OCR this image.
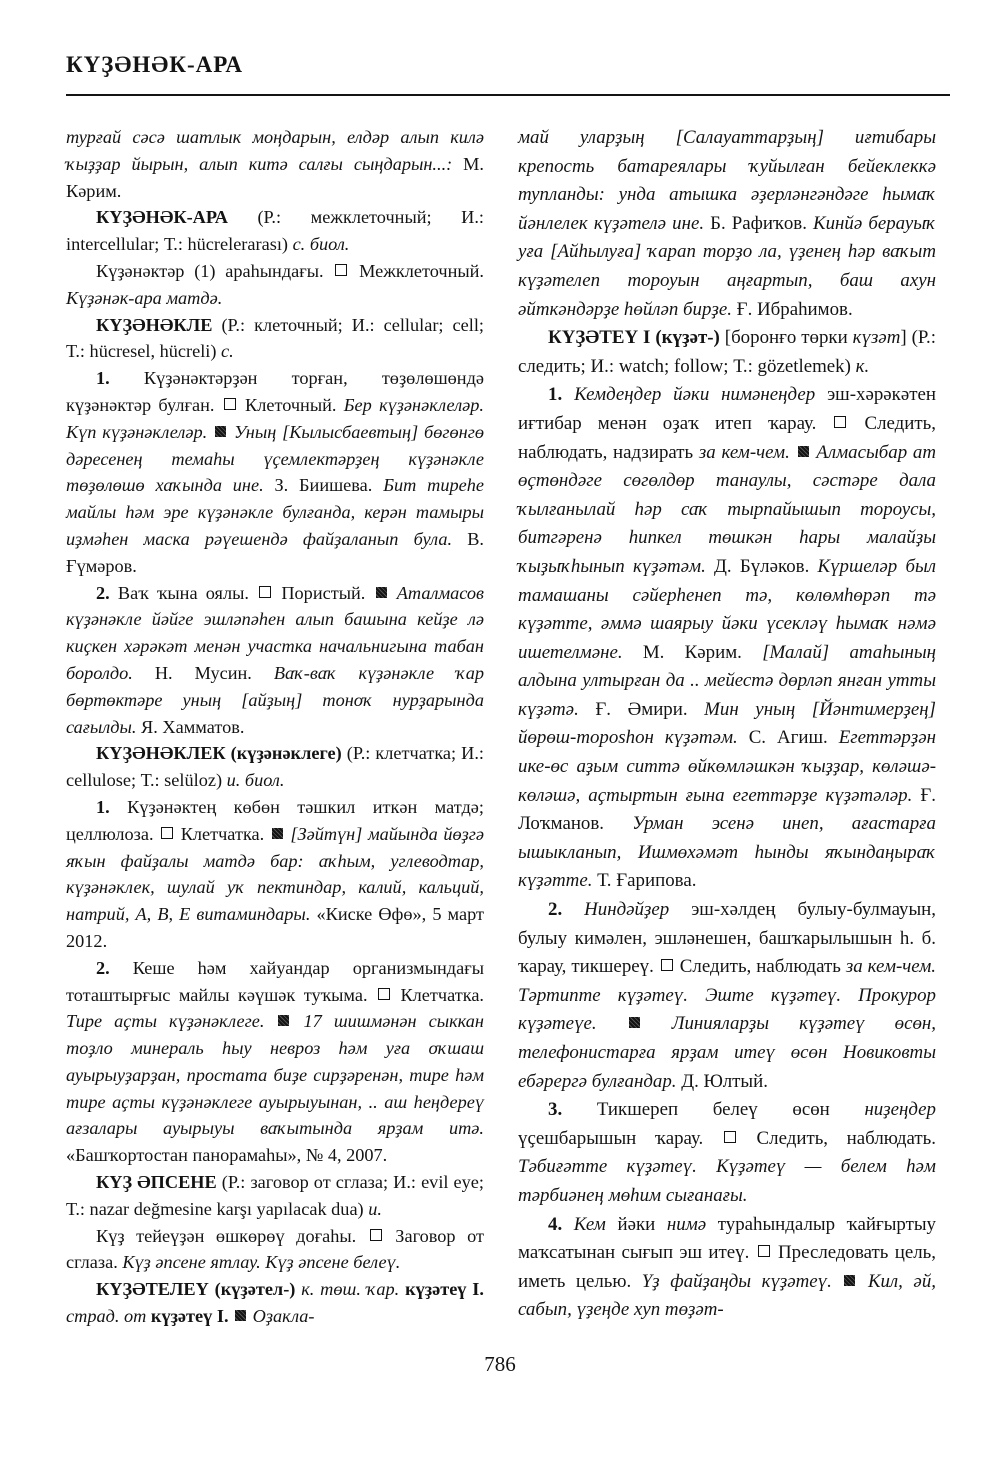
КҮҘӘНӘК-АРА

турғай сәсә шатлык моңдарын, елдәр алып килә ҡыҙҙар йырын, алып китә салғы сыңдарын...: М. Кәрим.

КҮҘӘНӘК-АРА (Р.: межклеточный; И.: intercellular; Т.: hücrelerarası) с. биол.

Күҙәнәктәр (1) араһындағы.  Межклеточный. Күҙәнәк-ара матдә.

КҮҘӘНӘКЛЕ (Р.: клеточный; И.: cellular; cell; Т.: hücresel, hücreli) с.

1. Күҙәнәктәрҙән торған, төҙөлөшөндә күҙәнәктәр булған.  Клеточный. Бер күҙәнәклеләр. Күп күҙәнәклеләр.  Уның [Кылысбаевтың] бөгөнгө дәресенең темаһы үҫемлектәрҙең күҙәнәкле төҙөлөшө хаҡында ине. З. Биишева. Бит тиреһе майлы һәм эре күҙәнәкле булғанда, керән тамыры иҙмәһен маска рәүешендә файҙаланып була. В. Ғүмәров.

2. Ваҡ ҡына оялы.  Пористый.  Аталмасов күҙәнәкле йәйге эшләпәһен алып башына кейҙе лә киҫкен хәрәкәт менән участка начальнигына табан боролдо. Н. Мусин. Ваҡ-ваҡ күҙәнәкле ҡар бөртөктәре уның [айҙың] тоноҡ нурҙарында сағылды. Я. Хамматов.

КҮҘӘНӘКЛЕК (күҙәнәклеге) (Р.: клетчатка; И.: cellulose; Т.: selüloz) и. биол.

1. Күҙәнәктең көбөн тәшкил иткән матдә; целлюлоза.  Клетчатка.  [Зәйтүн] майында йөҙгә яҡын файҙалы матдә бар: аҡһым, углеводтар, күҙәнәклек, шулай уҡ пектиндар, калий, кальций, натрий, А, В, Е витаминдары. «Киске Өфө», 5 март 2012.

2. Кеше һәм хайуандар организмындағы тоташтырғыс майлы кәүшәк туҡыма.  Клетчатка. Тире аҫты күҙәнәклеге.  17 шишмәнән сыккан тоҙло минераль һыу невроз һәм уға оҡшаш ауырыуҙарҙан, простата биҙе сирҙәренән, тире һәм тире аҫты күҙәнәклеге ауырыуынан, .. аш һеңдереү ағзалары ауырыуы ваҡытында ярҙам итә. «Башҡортостан панорамаһы», № 4, 2007.

КҮҘ ӘПСЕНЕ (Р.: заговор от сглаза; И.: evil eye; Т.: nazar değmesine karşı yapılacak dua) и.

Күҙ тейеүҙән өшкөрөү доғаһы.  Заговор от сглаза. Күҙ әпсене ятлау. Күҙ әпсене белеү.

КҮҘӘТЕЛЕҮ (күҙәтел-) к. төш. ҡар. күҙәтеү I. страд. от күҙәтеү I.  Оҙакла-

май уларҙың [Салауаттарҙың] иғтибары крепость батареялары ҡуйылған бейеклеккә тупланды: унда атышка әҙерләнгәндәге һымаҡ йәнлелек күҙәтелә ине. Б. Рафиҡов. Кинйә берауыҡ уға [Айһылуға] ҡарап торҙо ла, үҙенең һәр ваҡыт күҙәтелеп тороуын аңғартып, баш ахун әйткәндәрҙе һөйләп бирҙе. Ғ. Ибраһимов.

КҮҘӘТЕҮ I (күҙәт-) [боронғо төрки күзәт] (Р.: следить; И.: watch; follow; Т.: gözetlemek) к.

1. Кемдеңдер йәки нимәнеңдер эш-хәрәкәтен иғтибар менән оҙаҡ итеп ҡарау.  Следить, наблюдать, надзирать за кем-чем.  Алмасыбар ат өҫтөндәге сөгөлдөр танаулы, сәстәре дала ҡылғанылай һәр саҡ тырпайышып тороусы, битгәренә һипкел төшкән һары малайҙы ҡыҙыҡһынып күҙәтәм. Д. Бүләков. Күршеләр был тамашаны сәйерһенеп тә, көлөмһөрәп тә күҙәтте, әммә шаярыу йәки үсекләү һымаҡ нәмә ишетелмәне. М. Кәрим. [Малай] атаһының алдына ултырған да .. мейестә дөрләп янған утты күҙәтә. Ғ. Әмири. Мин уның [Йәнтимерҙең] йөрөш-тороshон күҙәтәм. С. Агиш. Егеттәрҙән ике-өс аҙым ситтә өйкөмләшкән ҡыҙҙар, көләшә-көләшә, аҫтыртын ғына егеттәрҙе күҙәтәләр. Ғ. Лоҡманов. Урман эсенә инеп, ағастарға ышыкланып, Ишмөхәмәт һынды яҡындаңыраҡ күҙәтте. Т. Ғарипова.

2. Ниндәйҙер эш-хәлдең булыу-булмауын, булыу кимәлен, эшләнешен, башҡарылышын һ. б. ҡарау, тикшереү.  Следить, наблюдать за кем-чем. Тәртипте күҙәтеү. Эште күҙәтеү. Прокурор күҙәтеүе.  Линияларҙы күҙәтеү өсөн, телефонистарға ярҙам итеү өсөн Новиковты ебәрергә булғандар. Д. Юлтый.

3. Тикшереп белеү өсөн ниҙеңдер үҫешбарышын ҡарау.  Следить, наблюдать. Тәбиғәтте күҙәтеү. Күҙәтеү — белем һәм тәрбиәнең мөһим сығанағы.

4. Кем йәки нимә тураһындалыр ҡайғыртыу маҡсатынан сығып эш итеү.  Преследовать цель, иметь целью. Үҙ файҙаңды күҙәтеү.  Кил, әй, сабып, үҙеңде хуп төҙәт-

786
